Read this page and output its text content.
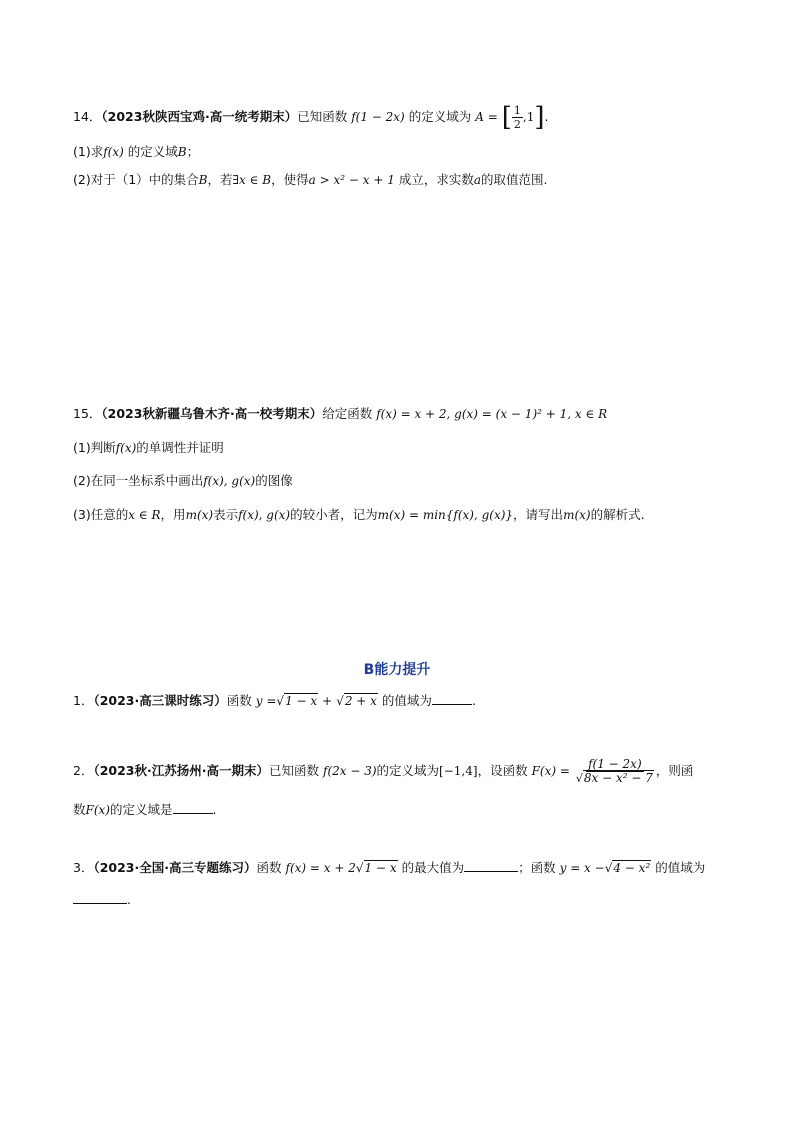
14．（2023秋陕西宝鸡·高一统考期末）已知函数 f(1 − 2x) 的定义域为 A = [ $\frac{1}{2} ,1$].
(1)求f(x) 的定义域B；
(2)对于（1）中的集合B，若∃x ∈ B，使得a > x² − x + 1 成立，求实数a的取值范围.
15．（2023秋新疆乌鲁木齐·高一校考期末）给定函数 f(x) = x + 2, g(x) = (x − 1)² + 1, x ∈ R
(1)判断f(x)的单调性并证明
(2)在同一坐标系中画出f(x), g(x)的图像
(3)任意的x ∈ R，用m(x)表示f(x), g(x)的较小者，记为m(x) = min{f(x), g(x)}，请写出m(x)的解析式.
B能力提升
1．（2023·高三课时练习）函数 y =√1 − x + √2 + x 的值域为	.
2．（2023秋·江苏扬州·高一期末）已知函数 f(2x − 3)的定义域为[−1,4]，设函数 $F(x) = \frac{f(1 - 2x)}{\text{√8x − x² − 7}}$ ，则函
数F(x)的定义域是	.
3．（2023·全国·高三专题练习）函数 f(x) = x + 2√1 − x 的最大值为	；函数 y = x −√4 − x² 的值域为
.
